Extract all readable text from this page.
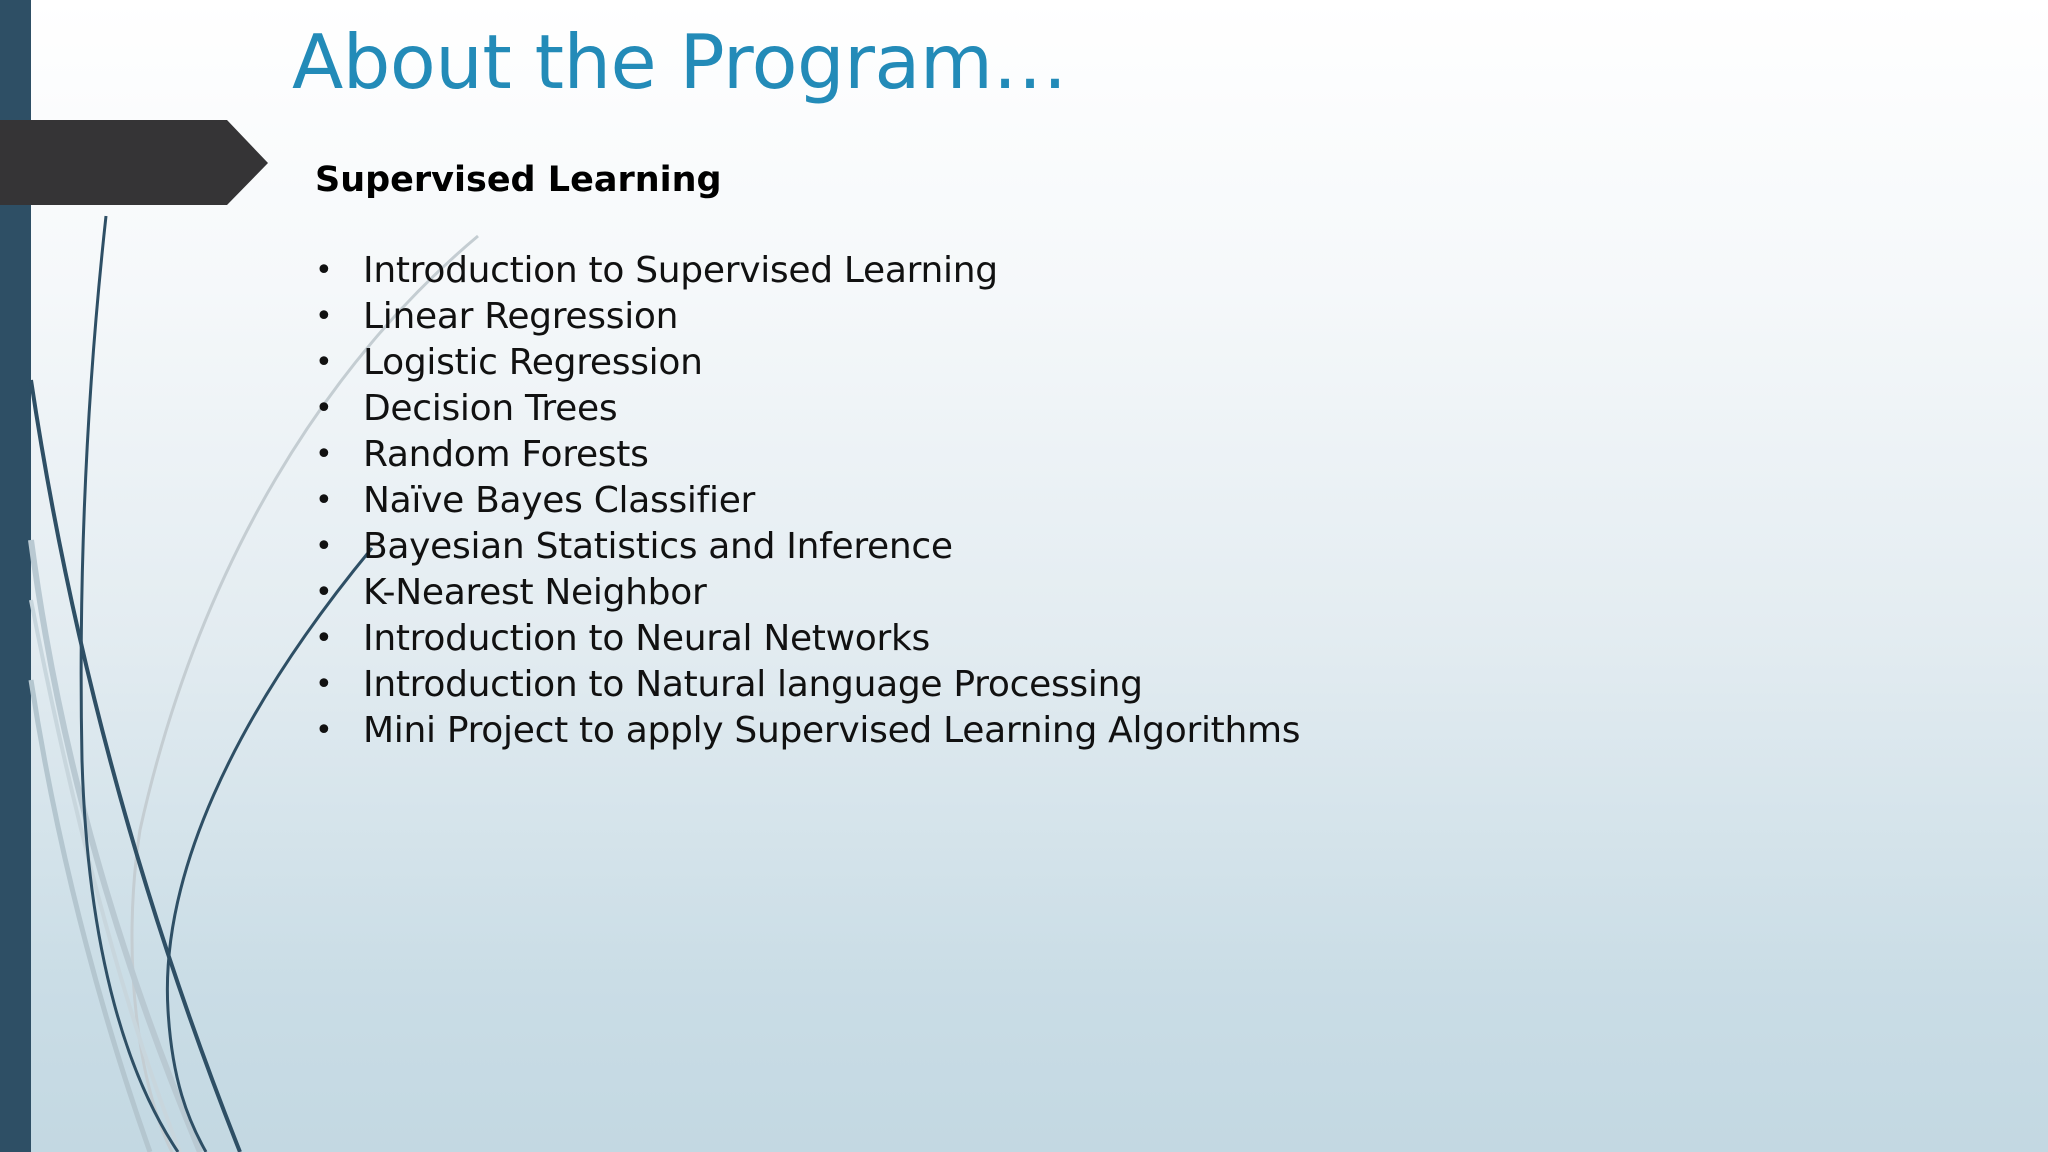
About the Program…
Supervised Learning
• Introduction to Supervised Learning
• Linear Regression
• Logistic Regression
• Decision Trees
• Random Forests
• Naïve Bayes Classifier
• Bayesian Statistics and Inference
• K-Nearest Neighbor
• Introduction to Neural Networks
• Introduction to Natural language Processing
• Mini Project to apply Supervised Learning Algorithms
